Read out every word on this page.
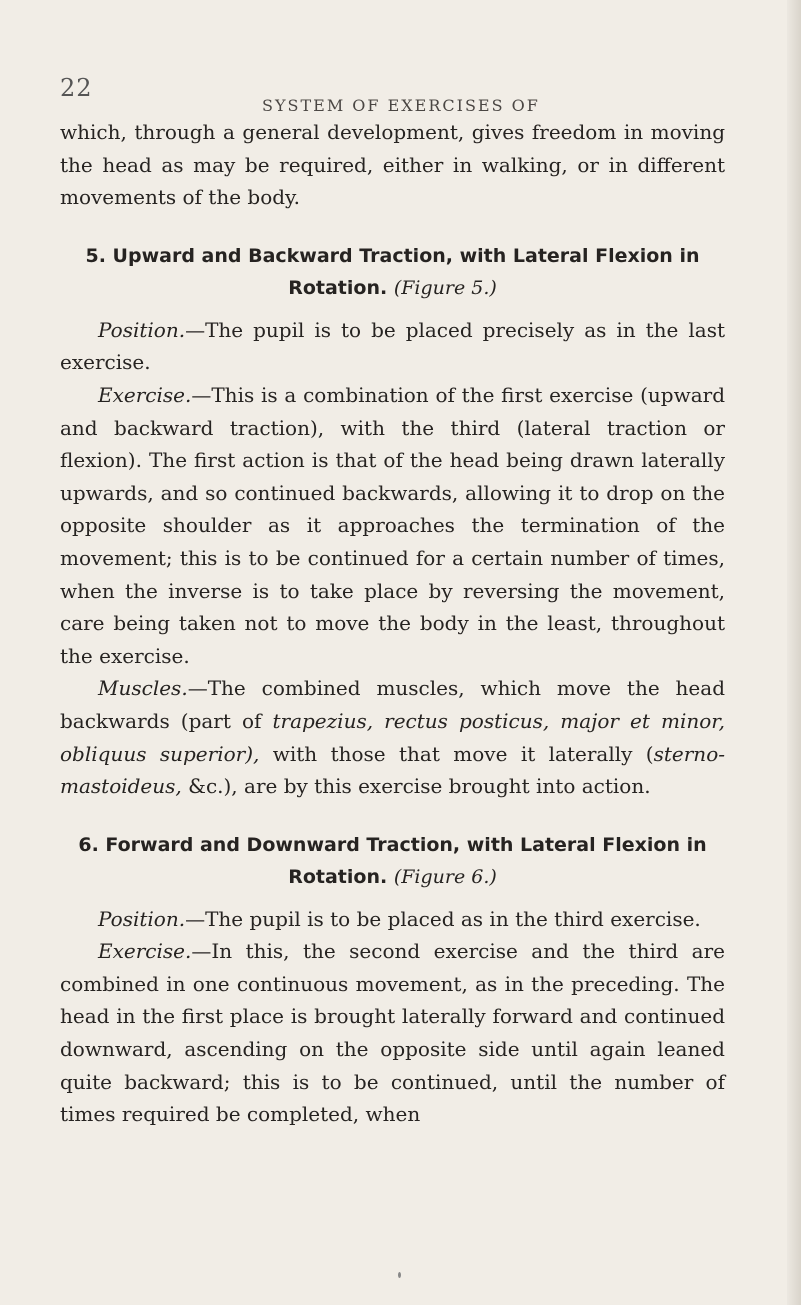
22
SYSTEM OF EXERCISES OF

which, through a general development, gives freedom in moving the head as may be required, either in walking, or in different movements of the body.

5. Upward and Backward Traction, with Lateral Flexion in Rotation. (Figure 5.)

Position.—The pupil is to be placed precisely as in the last exercise.

Exercise.—This is a combination of the first exercise (upward and backward traction), with the third (lateral traction or flexion). The first action is that of the head being drawn laterally upwards, and so continued backwards, allowing it to drop on the opposite shoulder as it approaches the termination of the movement; this is to be continued for a certain number of times, when the inverse is to take place by reversing the movement, care being taken not to move the body in the least, throughout the exercise.

Muscles.—The combined muscles, which move the head backwards (part of trapezius, rectus posticus, major et minor, obliquus superior), with those that move it laterally (sterno-mastoideus, &c.), are by this exercise brought into action.

6. Forward and Downward Traction, with Lateral Flexion in Rotation. (Figure 6.)

Position.—The pupil is to be placed as in the third exercise.

Exercise.—In this, the second exercise and the third are combined in one continuous movement, as in the preceding. The head in the first place is brought laterally forward and continued downward, ascending on the opposite side until again leaned quite backward; this is to be continued, until the number of times required be completed, when
